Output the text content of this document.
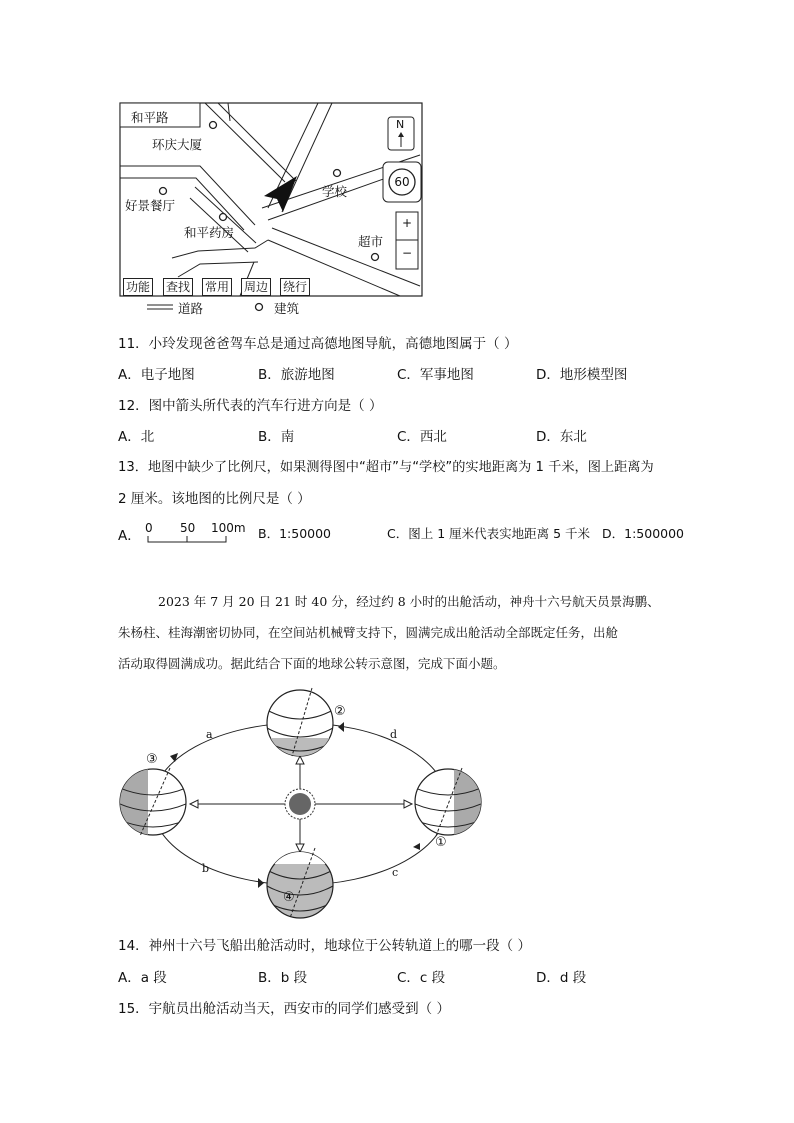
和平路
环庆大厦
好景餐厅
和平药房
学校
超市
N
60
+
−
功能 查找 常用 周边 绕行
道路	建筑
11．小玲发现爸爸驾车总是通过高德地图导航，高德地图属于（ ）
A．电子地图	B．旅游地图	C．军事地图	D．地形模型图
12．图中箭头所代表的汽车行进方向是（ ）
A．北	B．南	C．西北	D．东北
13．地图中缺少了比例尺，如果测得图中“超市”与“学校”的实地距离为 1 千米，图上距离为
2 厘米。该地图的比例尺是（ ）
A． 0 50 100m B．1:50000	C．图上 1 厘米代表实地距离 5 千米 D．1:500000
2023 年 7 月 20 日 21 时 40 分，经过约 8 小时的出舱活动，神舟十六号航天员景海鹏、
朱杨柱、桂海潮密切协同，在空间站机械臂支持下，圆满完成出舱活动全部既定任务，出舱
活动取得圆满成功。据此结合下面的地球公转示意图，完成下面小题。
②
③
①
④
a
b	c
d
14．神州十六号飞船出舱活动时，地球位于公转轨道上的哪一段（ ）
A．a 段	B．b 段	C．c 段	D．d 段
15．宇航员出舱活动当天，西安市的同学们感受到（ ）
